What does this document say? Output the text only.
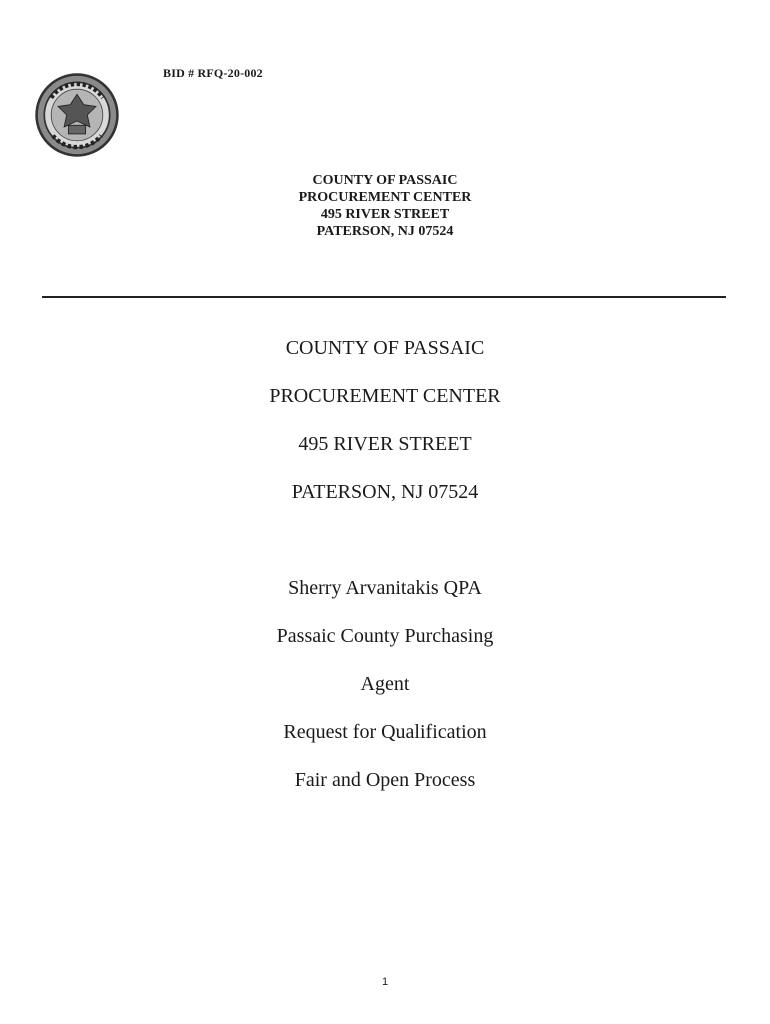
BID # RFQ-20-002
COUNTY OF PASSAIC
PROCUREMENT CENTER
495 RIVER STREET
PATERSON, NJ 07524
COUNTY OF PASSAIC
PROCUREMENT CENTER
495 RIVER STREET
PATERSON, NJ 07524
Sherry Arvanitakis QPA
Passaic County Purchasing
Agent
Request for Qualification
Fair and Open Process
1
